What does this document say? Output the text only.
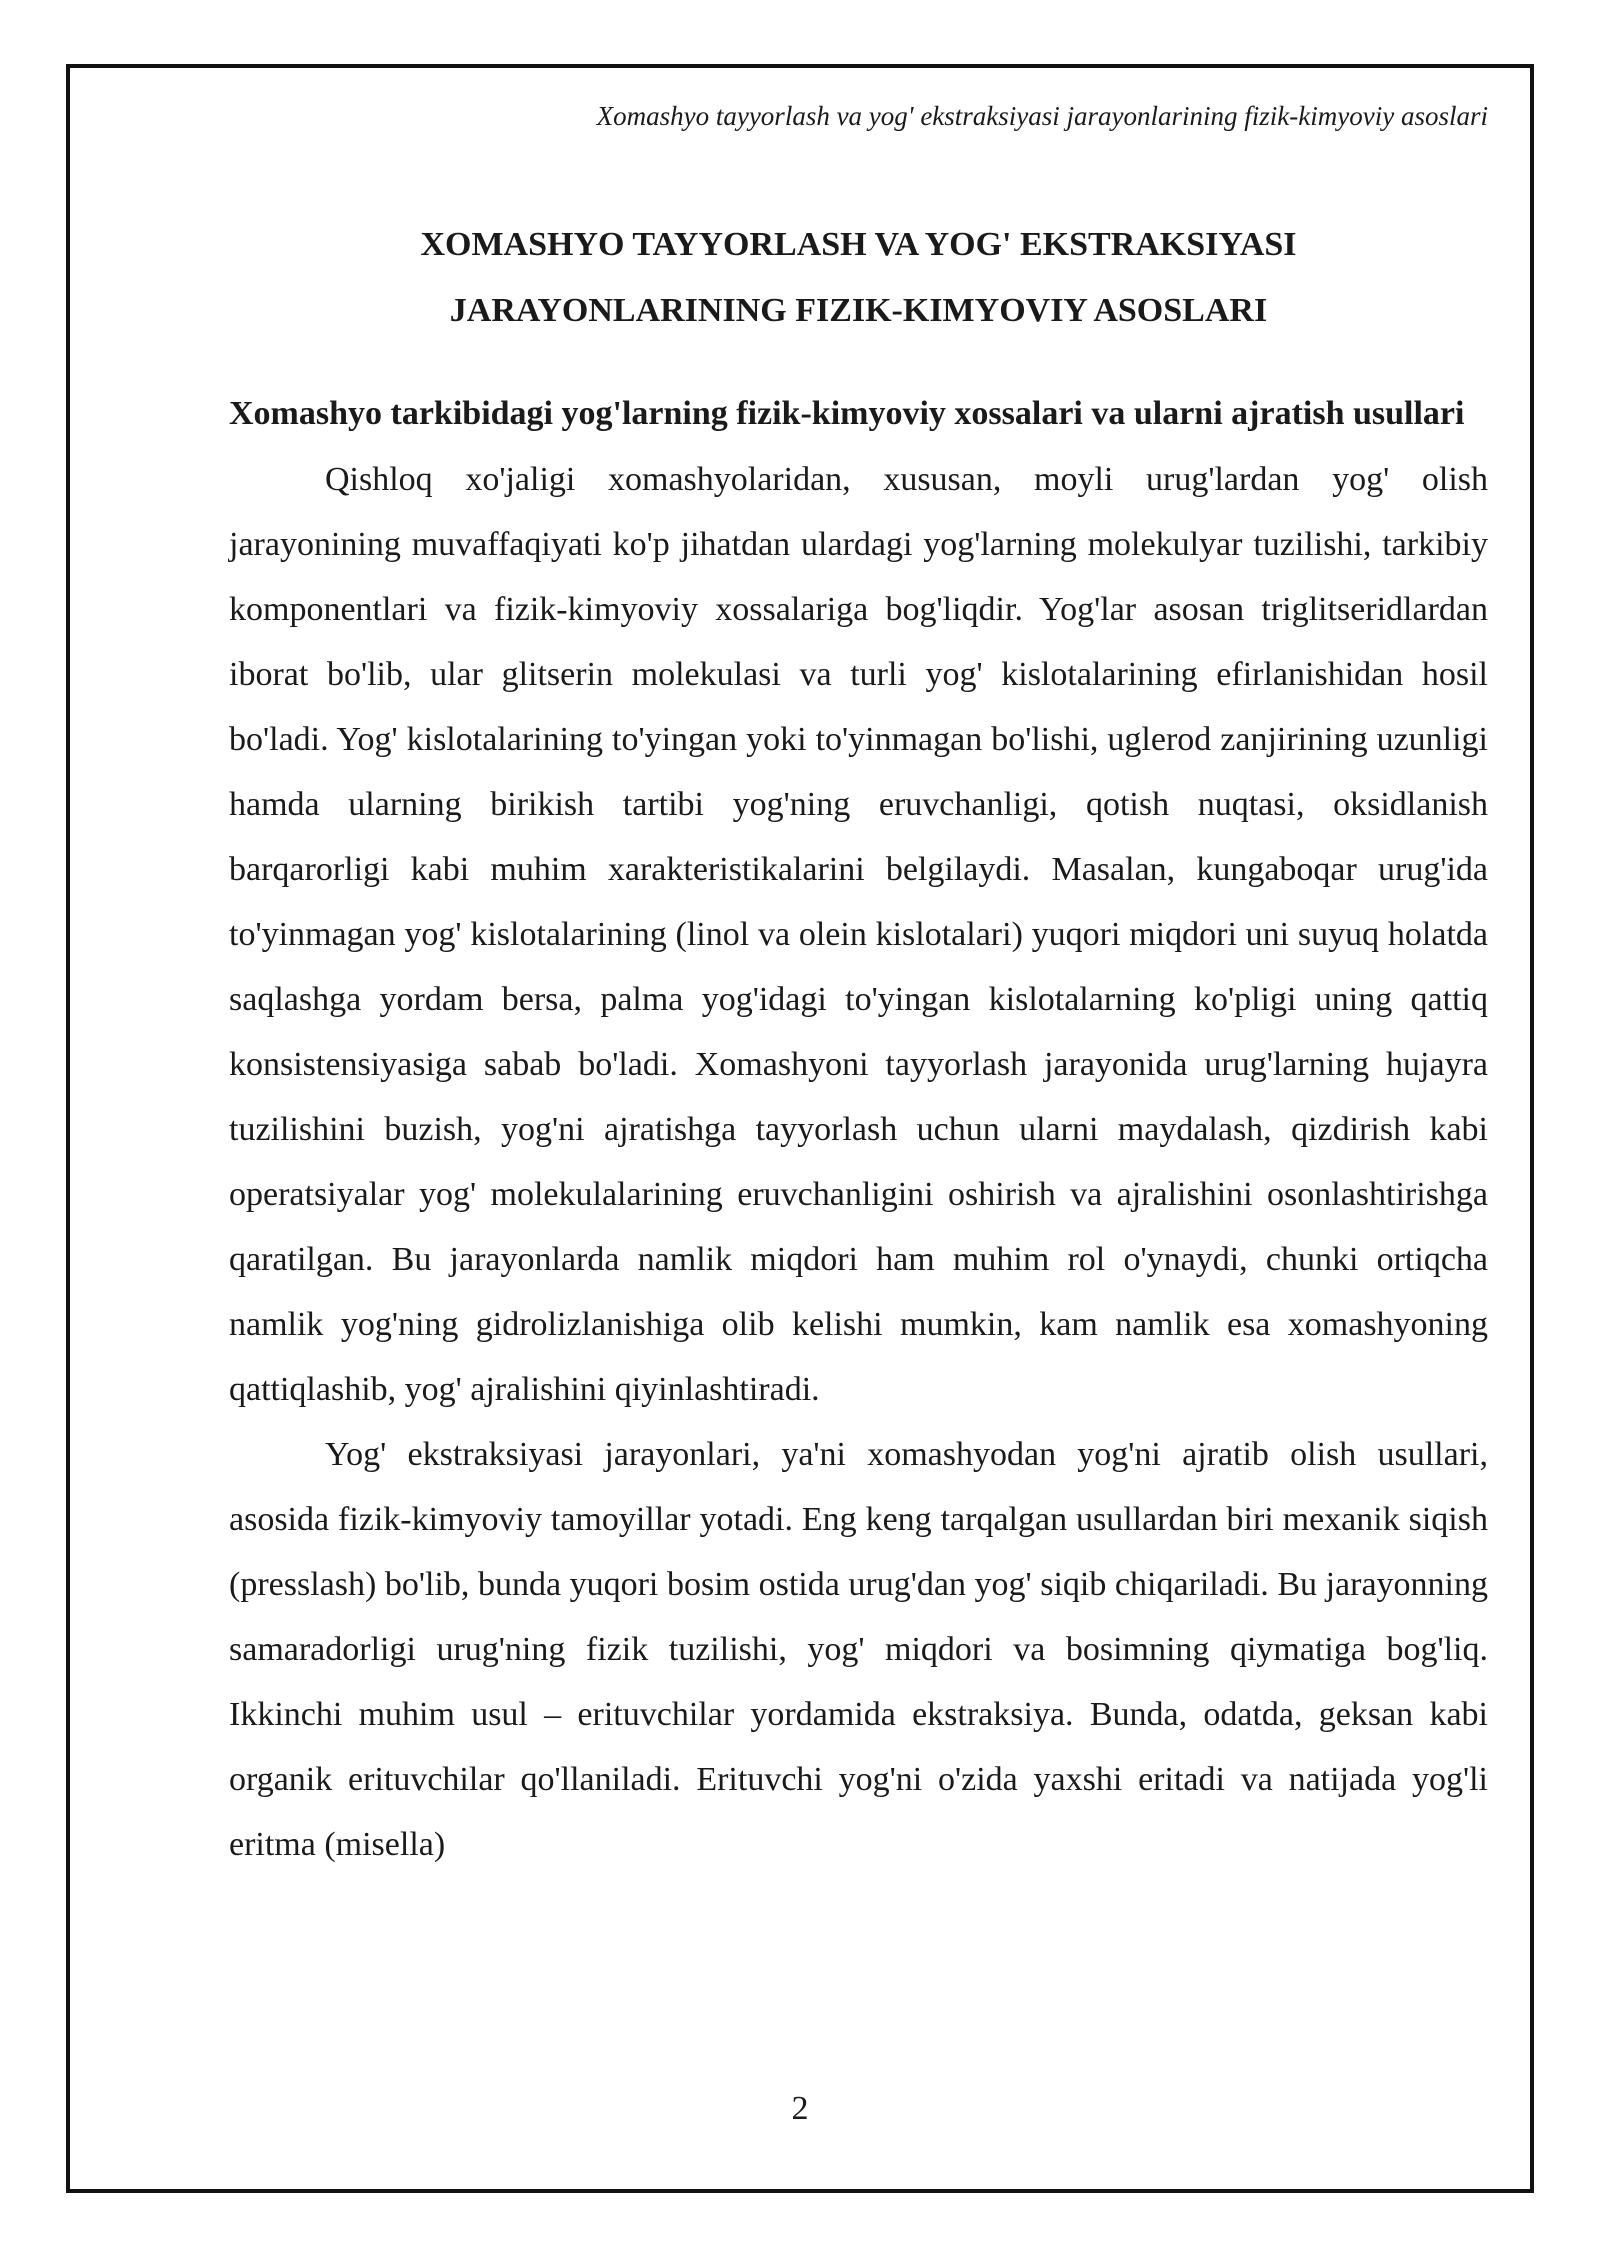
Xomashyo tayyorlash va yog' ekstraksiyasi jarayonlarining fizik-kimyoviy asoslari
XOMASHYO TAYYORLASH VA YOG' EKSTRAKSIYASI
JARAYONLARINING FIZIK-KIMYOVIY ASOSLARI
Xomashyo tarkibidagi yog'larning fizik-kimyoviy xossalari va ularni ajratish usullari

Qishloq xo'jaligi xomashyolaridan, xususan, moyli urug'lardan yog' olish jarayonining muvaffaqiyati ko'p jihatdan ulardagi yog'larning molekulyar tuzilishi, tarkibiy komponentlari va fizik-kimyoviy xossalariga bog'liqdir. Yog'lar asosan triglitseridlardan iborat bo'lib, ular glitserin molekulasi va turli yog' kislotalarining efirlanishidan hosil bo'ladi. Yog' kislotalarining to'yingan yoki to'yinmagan bo'lishi, uglerod zanjirining uzunligi hamda ularning birikish tartibi yog'ning eruvchanligi, qotish nuqtasi, oksidlanish barqarorligi kabi muhim xarakteristikalarini belgilaydi. Masalan, kungaboqar urug'ida to'yinmagan yog' kislotalarining (linol va olein kislotalari) yuqori miqdori uni suyuq holatda saqlashga yordam bersa, palma yog'idagi to'yingan kislotalarning ko'pligi uning qattiq konsistensiyasiga sabab bo'ladi. Xomashyoni tayyorlash jarayonida urug'larning hujayra tuzilishini buzish, yog'ni ajratishga tayyorlash uchun ularni maydalash, qizdirish kabi operatsiyalar yog' molekulalarining eruvchanligini oshirish va ajralishini osonlashtirishga qaratilgan. Bu jarayonlarda namlik miqdori ham muhim rol o'ynaydi, chunki ortiqcha namlik yog'ning gidrolizlanishiga olib kelishi mumkin, kam namlik esa xomashyoning qattiqlashib, yog' ajralishini qiyinlashtiradi.

Yog' ekstraksiyasi jarayonlari, ya'ni xomashyodan yog'ni ajratib olish usullari, asosida fizik-kimyoviy tamoyillar yotadi. Eng keng tarqalgan usullardan biri mexanik siqish (presslash) bo'lib, bunda yuqori bosim ostida urug'dan yog' siqib chiqariladi. Bu jarayonning samaradorligi urug'ning fizik tuzilishi, yog' miqdori va bosimning qiymatiga bog'liq. Ikkinchi muhim usul – erituvchilar yordamida ekstraksiya. Bunda, odatda, geksan kabi organik erituvchilar qo'llaniladi. Erituvchi yog'ni o'zida yaxshi eritadi va natijada yog'li eritma (misella)

2
